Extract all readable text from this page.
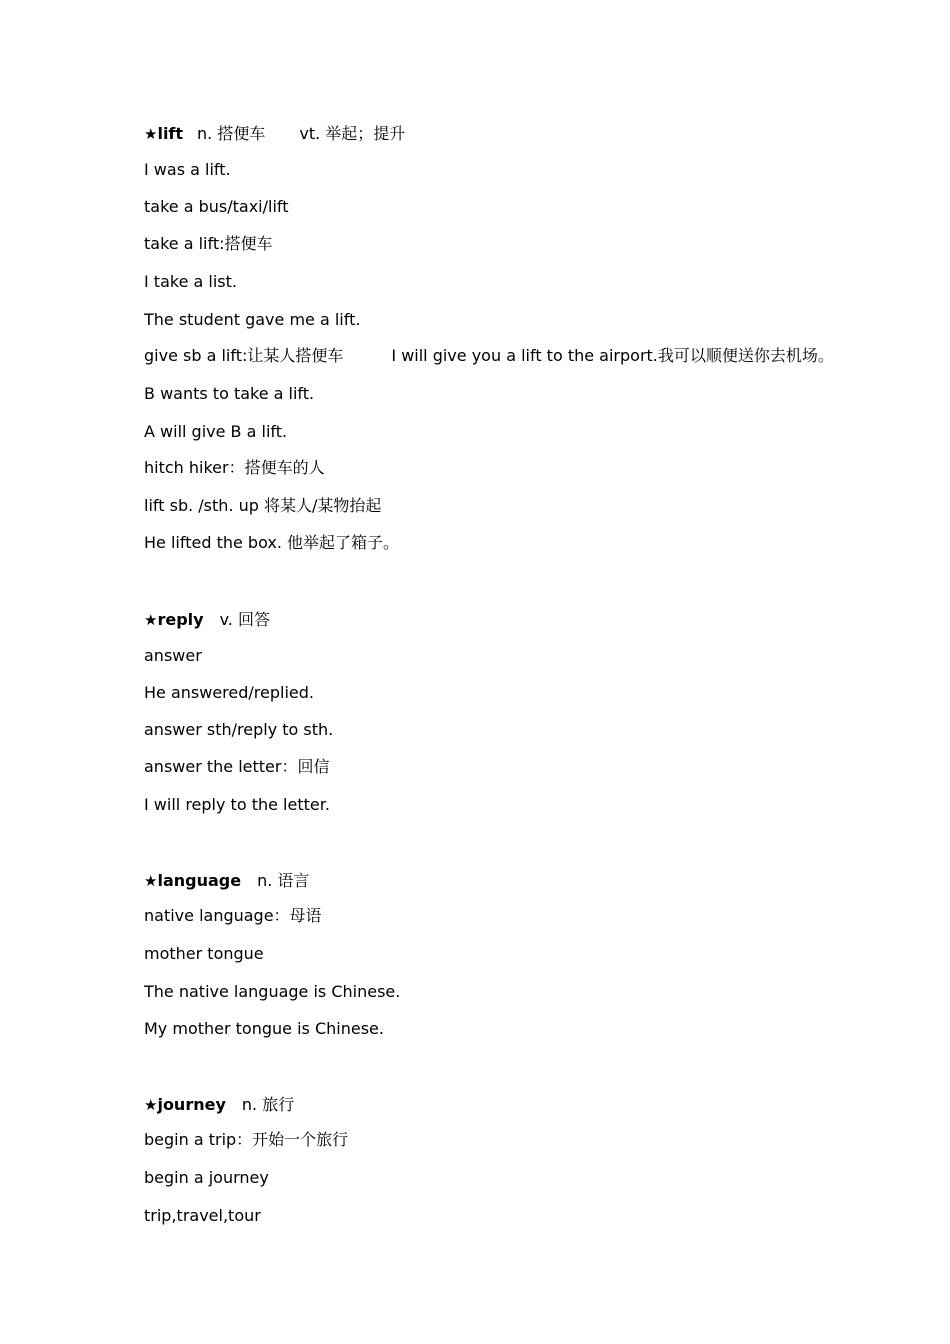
★lift n. 搭便车 vt. 举起；提升
I was a lift.
take a bus/taxi/lift
take a lift:搭便车
I take a list.
The student gave me a lift.
give sb a lift:让某人搭便车	I will give you a lift to the airport.我可以顺便送你去机场。
B wants to take a lift.
A will give B a lift.
hitch hiker：搭便车的人
lift sb. /sth. up 将某人/某物抬起
He lifted the box. 他举起了箱子。
★reply v. 回答
answer
He answered/replied.
answer sth/reply to sth.
answer the letter：回信
I will reply to the letter.
★language n. 语言
native language：母语
mother tongue
The native language is Chinese.
My mother tongue is Chinese.
★journey n. 旅行
begin a trip：开始一个旅行
begin a journey
trip,travel,tour
